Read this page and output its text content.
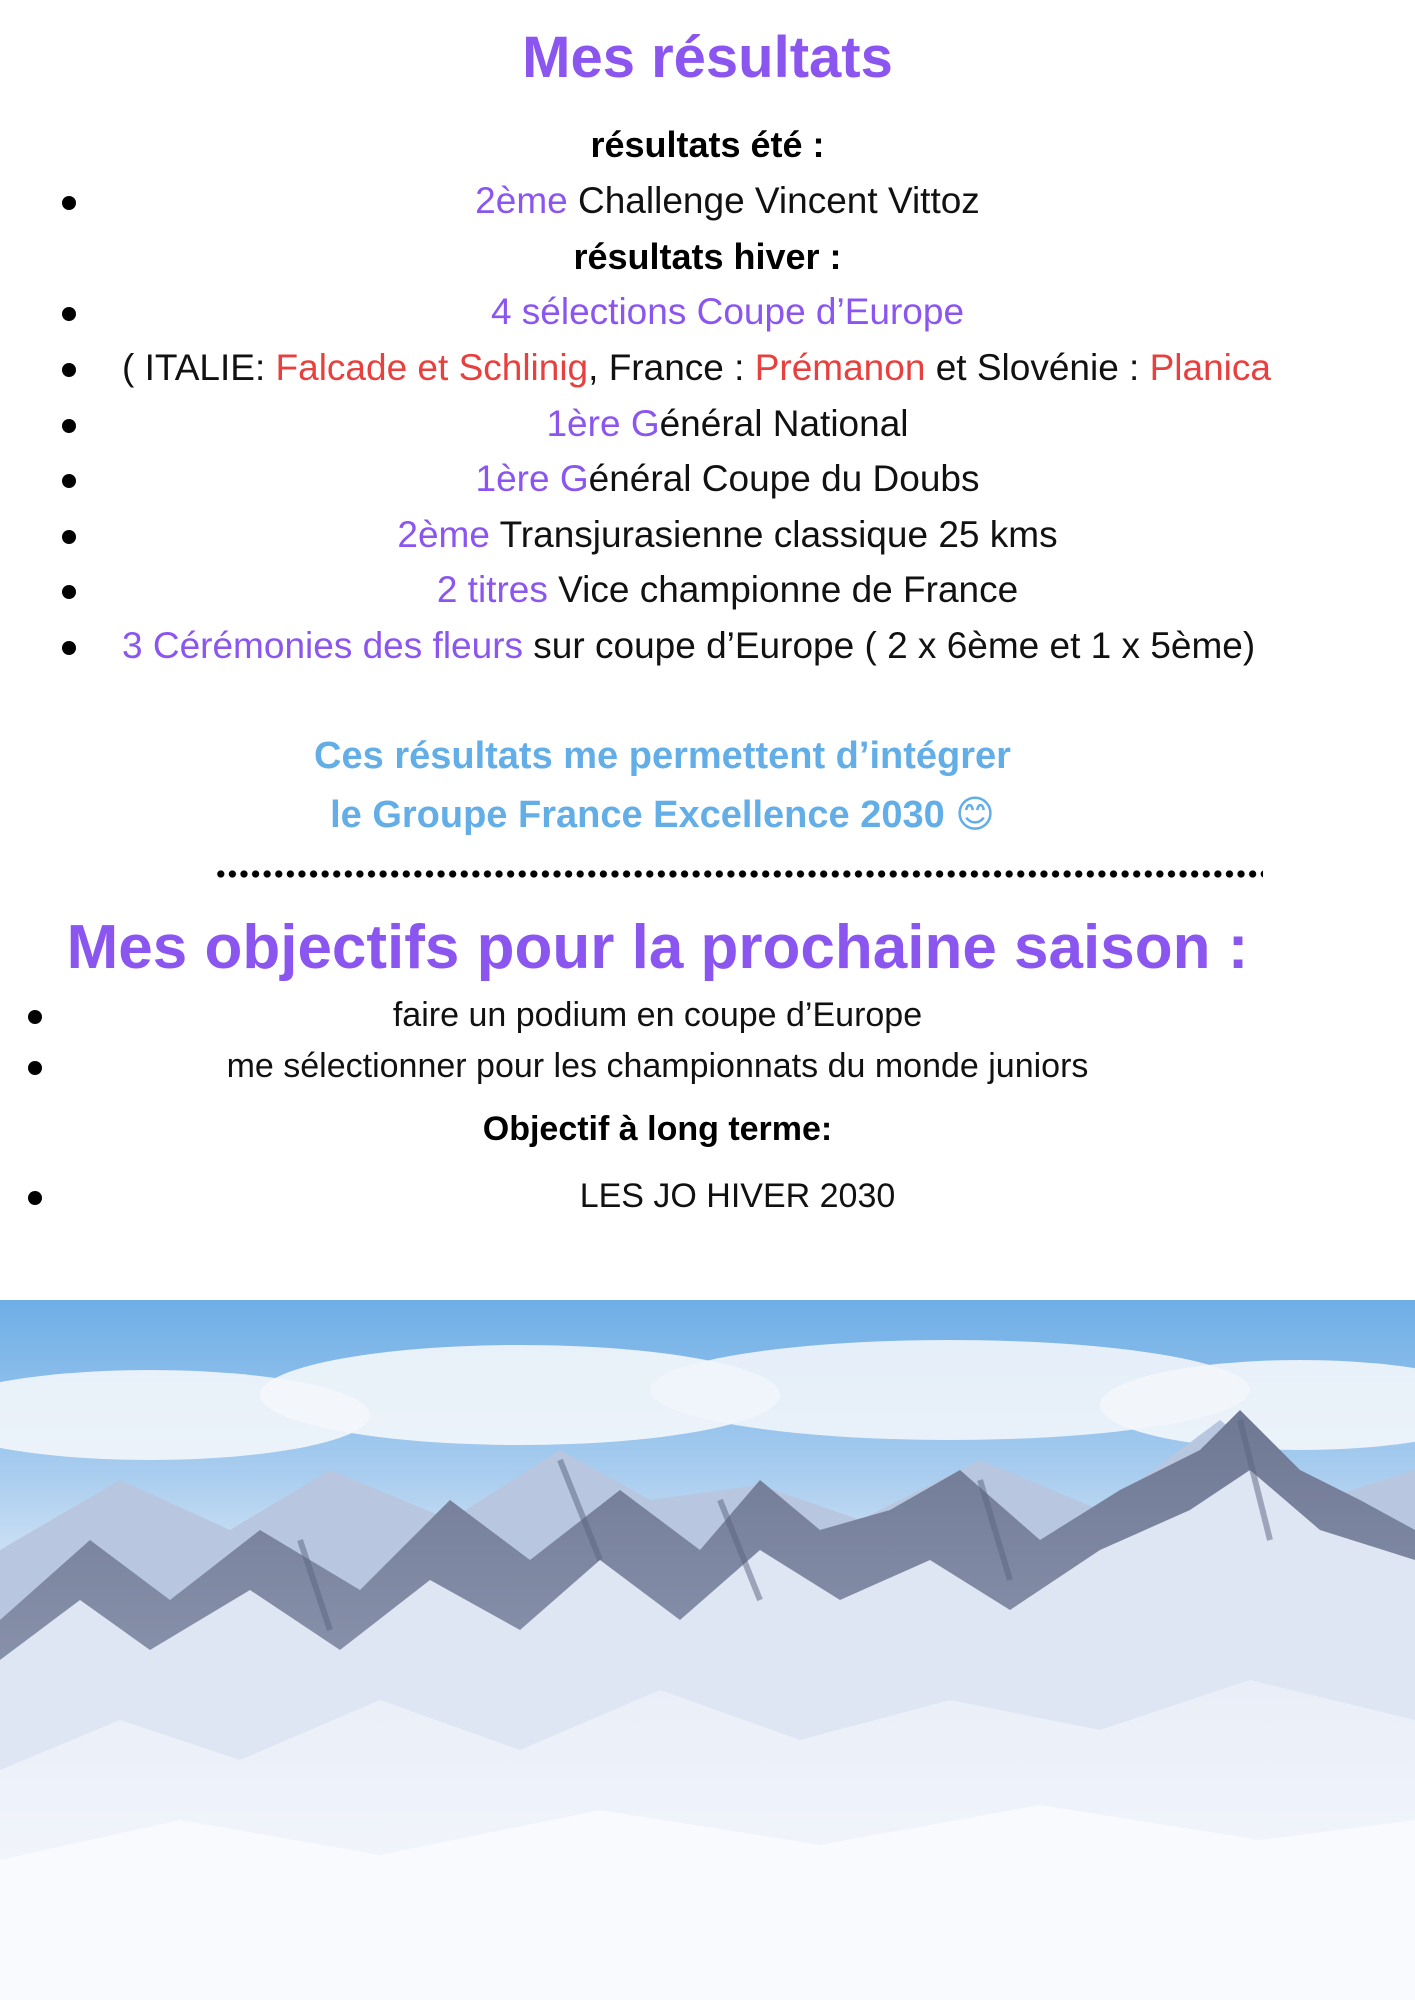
Mes résultats
résultats été :
2ème Challenge Vincent Vittoz
résultats hiver :
4 sélections Coupe d’Europe
( ITALIE: Falcade et Schlinig, France : Prémanon et Slovénie : Planica
1ère Général National
1ère Général Coupe du Doubs
2ème Transjurasienne classique 25 kms
2 titres Vice championne de France
3 Cérémonies des fleurs sur coupe d’Europe ( 2 x 6ème et 1 x 5ème)
Ces résultats me permettent d’intégrer
le Groupe France Excellence 2030 😊
Mes objectifs pour la prochaine saison :
faire un podium en coupe d’Europe
me sélectionner pour les championnats du monde juniors
Objectif à long terme:
LES JO HIVER 2030
